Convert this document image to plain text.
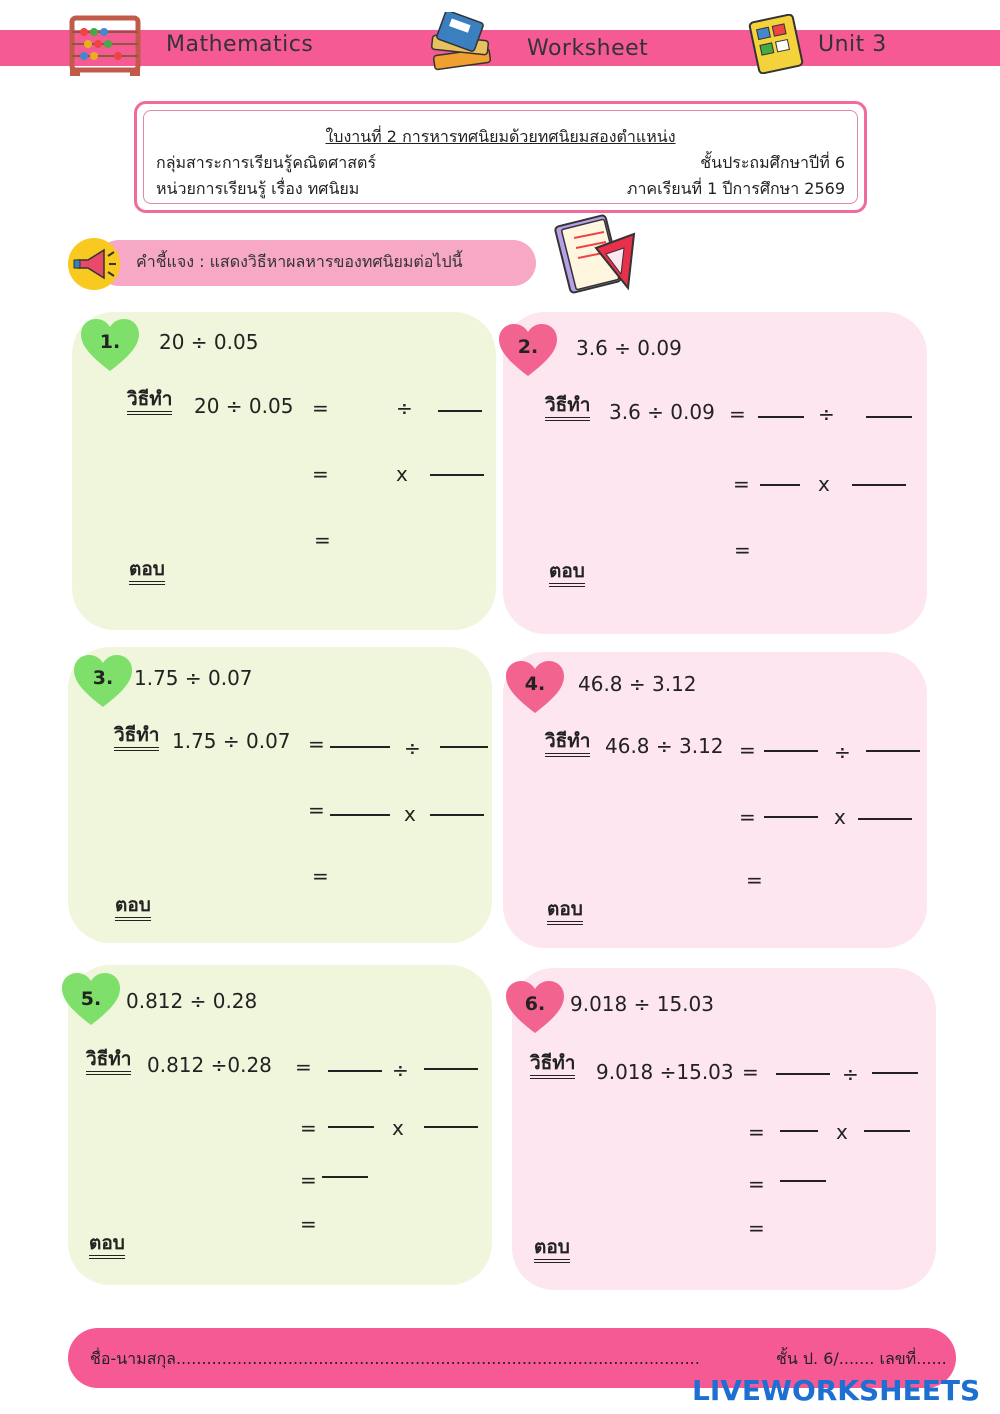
Mathematics	Worksheet	Unit 3
ใบงานที่ 2 การหารทศนิยมด้วยทศนิยมสองตำแหน่ง
กลุ่มสาระการเรียนรู้คณิตศาสตร์	ชั้นประถมศึกษาปีที่ 6
หน่วยการเรียนรู้ เรื่อง ทศนิยม	ภาคเรียนที่ 1 ปีการศึกษา 2569
คำชี้แจง : แสดงวิธีหาผลหารของทศนิยมต่อไปนี้
1.	20 ÷ 0.05
วิธีทำ 20 ÷ 0.05 =	÷
=	x
=
ตอบ
2.	3.6 ÷ 0.09
วิธีทำ 3.6 ÷ 0.09 =	÷
=	x
=
ตอบ
3.	1.75 ÷ 0.07
วิธีทำ 1.75 ÷ 0.07 =	÷
=	x
=
ตอบ
4.	46.8 ÷ 3.12
วิธีทำ 46.8 ÷ 3.12 =	÷
=	x
=
ตอบ
5.	0.812 ÷ 0.28
วิธีทำ 0.812 ÷0.28 =	÷
=	x
=
=
ตอบ
6.	9.018 ÷ 15.03
วิธีทำ 9.018 ÷15.03 =	÷
=	x
=
=
ตอบ
ชื่อ-นามสกุล.......................................................................................................	ชั้น ป. 6/....... เลขที่......
LIVEWORKSHEETS
